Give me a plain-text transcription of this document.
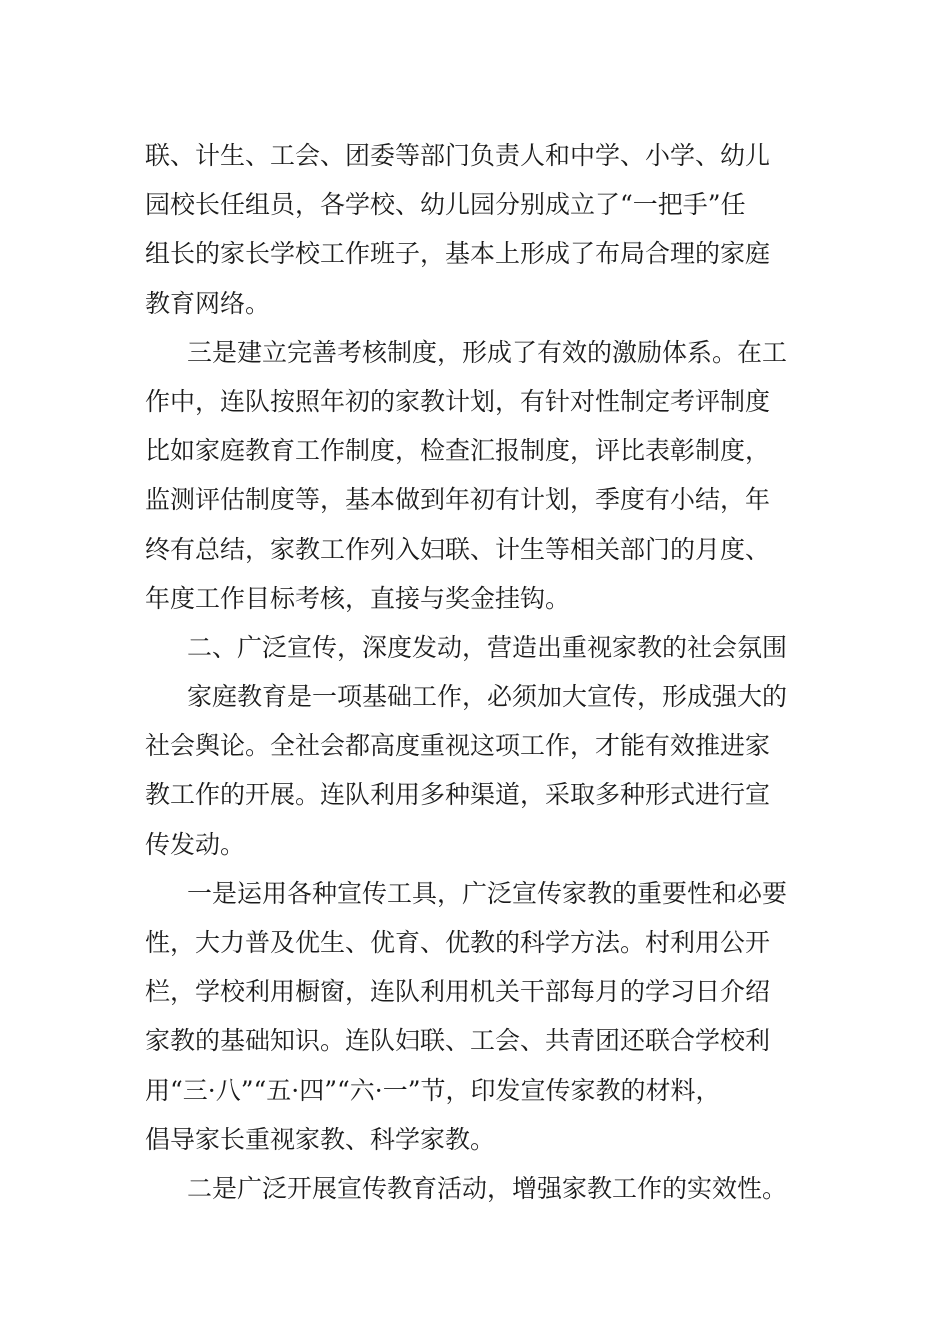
联、计生、工会、团委等部门负责人和中学、小学、幼儿
园校长任组员，各学校、幼儿园分别成立了“一把手”任
组长的家长学校工作班子，基本上形成了布局合理的家庭
教育网络。
三是建立完善考核制度，形成了有效的激励体系。在工
作中，连队按照年初的家教计划，有针对性制定考评制度
比如家庭教育工作制度，检查汇报制度，评比表彰制度，
监测评估制度等，基本做到年初有计划，季度有小结，年
终有总结，家教工作列入妇联、计生等相关部门的月度、
年度工作目标考核，直接与奖金挂钩。
二、广泛宣传，深度发动，营造出重视家教的社会氛围
家庭教育是一项基础工作，必须加大宣传，形成强大的
社会舆论。全社会都高度重视这项工作，才能有效推进家
教工作的开展。连队利用多种渠道，采取多种形式进行宣
传发动。
一是运用各种宣传工具，广泛宣传家教的重要性和必要
性，大力普及优生、优育、优教的科学方法。村利用公开
栏，学校利用橱窗，连队利用机关干部每月的学习日介绍
家教的基础知识。连队妇联、工会、共青团还联合学校利
用“三·八”“五·四”“六·一”节，印发宣传家教的材料，
倡导家长重视家教、科学家教。
二是广泛开展宣传教育活动，增强家教工作的实效性。
